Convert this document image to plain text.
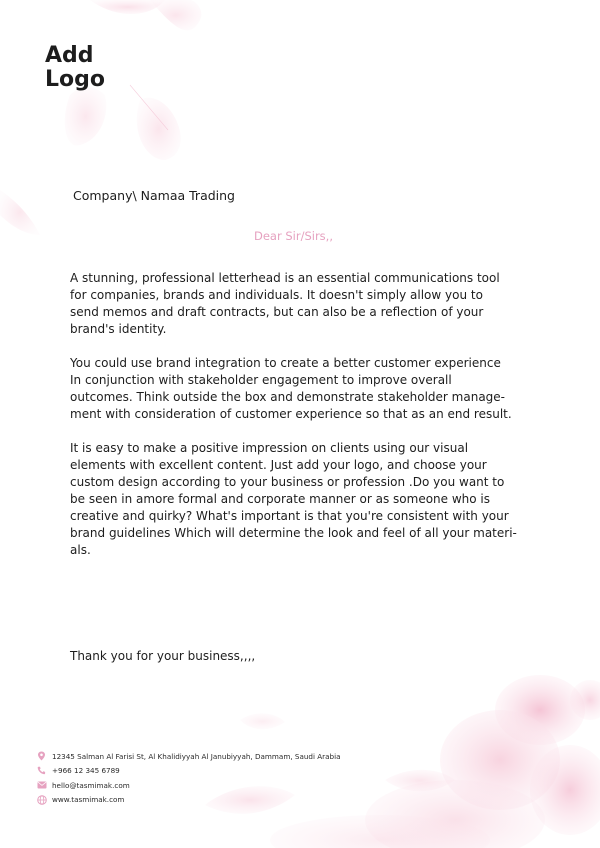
Add
Logo
Company\ Namaa Trading
Dear Sir/Sirs,,

A stunning, professional letterhead is an essential communications tool
for companies, brands and individuals. It doesn't simply allow you to
send memos and draft contracts, but can also be a reflection of your
brand's identity.

You could use brand integration to create a better customer experience
In conjunction with stakeholder engagement to improve overall
outcomes. Think outside the box and demonstrate stakeholder manage-
ment with consideration of customer experience so that as an end result.

It is easy to make a positive impression on clients using our visual
elements with excellent content. Just add your logo, and choose your
custom design according to your business or profession .Do you want to
be seen in amore formal and corporate manner or as someone who is
creative and quirky? What's important is that you're consistent with your
brand guidelines Which will determine the look and feel of all your materi-
als.

Thank you for your business,,,,
12345 Salman Al Farisi St, Al Khalidiyyah Al Janubiyyah, Dammam, Saudi Arabia
+966 12 345 6789
hello@tasmimak.com
www.tasmimak.com
